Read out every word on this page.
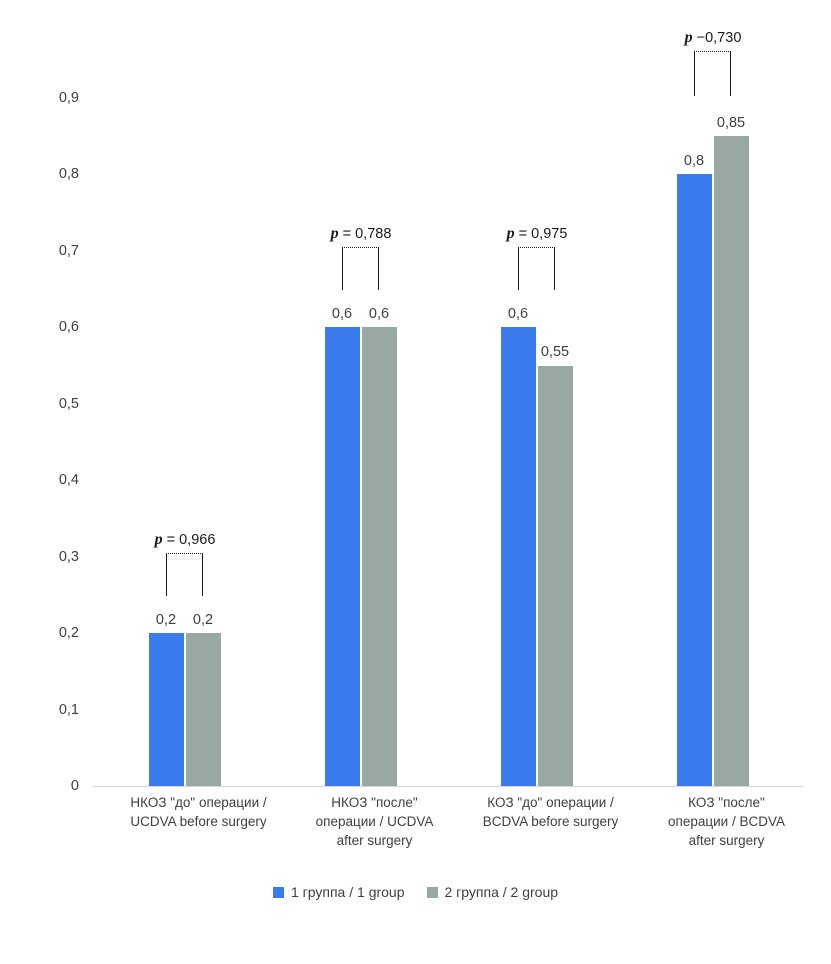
0
0,1
0,2
0,3
0,4
0,5
0,6
0,7
0,8
0,9
0,2	0,2
p = 0,966
0,6	0,6
p = 0,788
0,6
0,55
p = 0,975
0,8
0,85
p −0,730
НКОЗ "до" операции /
UCDVA before surgery
НКОЗ "после"
операции / UCDVA
after surgery
КОЗ "до" операции /
BCDVA before surgery
КОЗ "после"
операции / BCDVA
after surgery
1 группа / 1 group	2 группа / 2 group
